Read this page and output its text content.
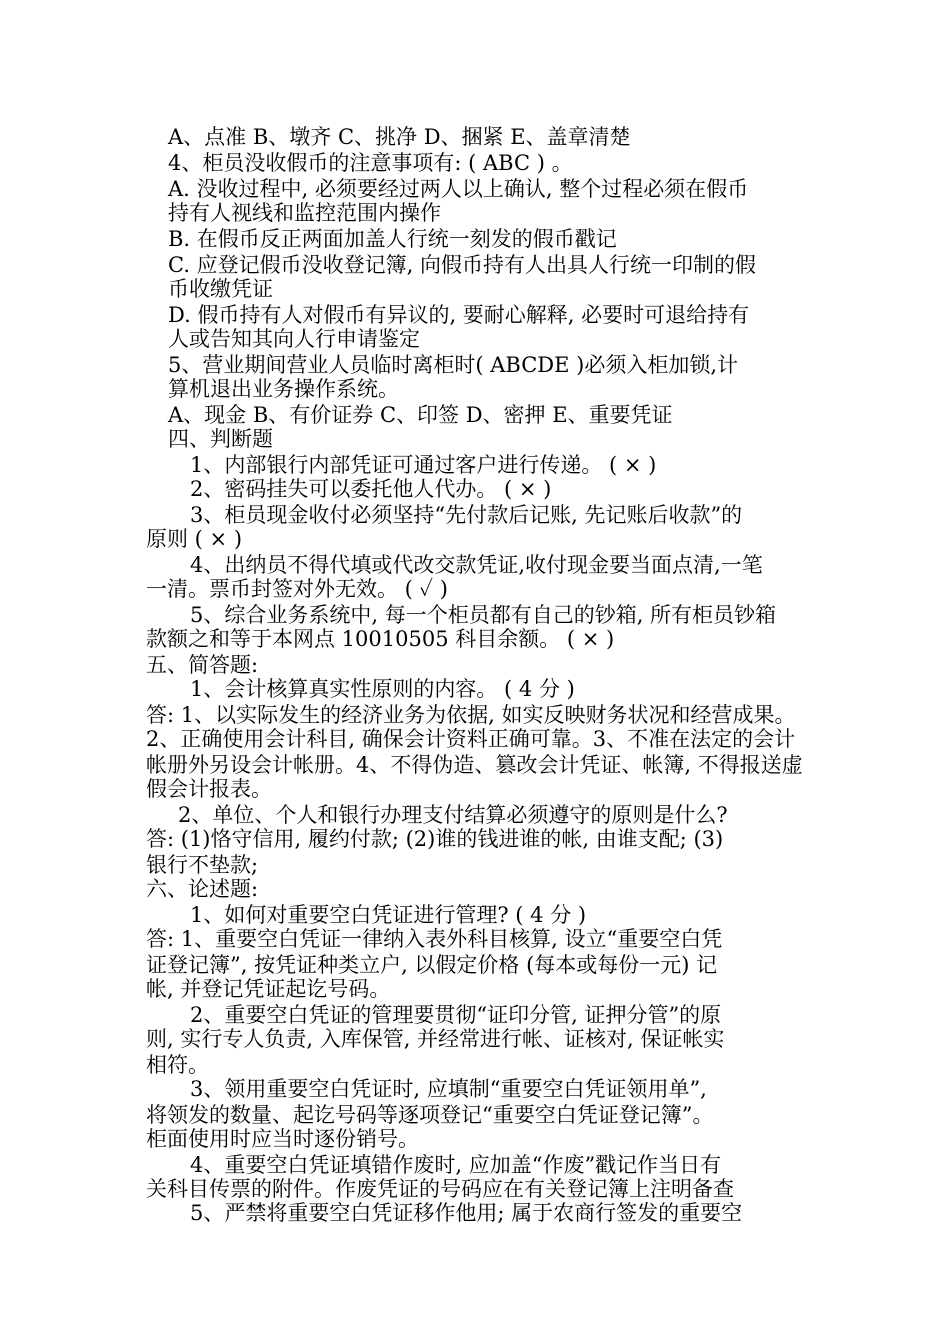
A、点准 B、墩齐 C、挑净 D、捆紧 E、盖章清楚
4、柜员没收假币的注意事项有: ( ABC ) 。
A. 没收过程中, 必须要经过两人以上确认, 整个过程必须在假币
持有人视线和监控范围内操作
B. 在假币反正两面加盖人行统一刻发的假币戳记
C. 应登记假币没收登记簿, 向假币持有人出具人行统一印制的假
币收缴凭证
D. 假币持有人对假币有异议的, 要耐心解释, 必要时可退给持有
人或告知其向人行申请鉴定
5、营业期间营业人员临时离柜时( ABCDE )必须入柜加锁,计
算机退出业务操作系统。
A、现金 B、有价证券 C、印签 D、密押 E、重要凭证
四、判断题
1、内部银行内部凭证可通过客户进行传递。 ( × )
2、密码挂失可以委托他人代办。 ( × )
3、柜员现金收付必须坚持“先付款后记账, 先记账后收款”的
原则 ( × )
4、出纳员不得代填或代改交款凭证,收付现金要当面点清,一笔
一清。票币封签对外无效。 ( ✓ )
5、综合业务系统中, 每一个柜员都有自己的钞箱, 所有柜员钞箱
款额之和等于本网点 10010505 科目余额。 ( × )
五、简答题:
1、会计核算真实性原则的内容。 ( 4 分 )
答: 1、以实际发生的经济业务为依据, 如实反映财务状况和经营成果。
2、正确使用会计科目, 确保会计资料正确可靠。3、不准在法定的会计
帐册外另设会计帐册。4、不得伪造、篡改会计凭证、帐簿, 不得报送虚
假会计报表。
2、单位、个人和银行办理支付结算必须遵守的原则是什么?
答: (1)恪守信用, 履约付款; (2)谁的钱进谁的帐, 由谁支配; (3)
银行不垫款;
六、论述题:
1、如何对重要空白凭证进行管理? ( 4 分 )
答: 1、重要空白凭证一律纳入表外科目核算, 设立“重要空白凭
证登记簿”, 按凭证种类立户, 以假定价格 (每本或每份一元) 记
帐, 并登记凭证起讫号码。
2、重要空白凭证的管理要贯彻“证印分管, 证押分管”的原
则, 实行专人负责, 入库保管, 并经常进行帐、证核对, 保证帐实
相符。
3、领用重要空白凭证时, 应填制“重要空白凭证领用单”,
将领发的数量、起讫号码等逐项登记“重要空白凭证登记簿”。
柜面使用时应当时逐份销号。
4、重要空白凭证填错作废时, 应加盖“作废”戳记作当日有
关科目传票的附件。作废凭证的号码应在有关登记簿上注明备查
5、严禁将重要空白凭证移作他用; 属于农商行签发的重要空
